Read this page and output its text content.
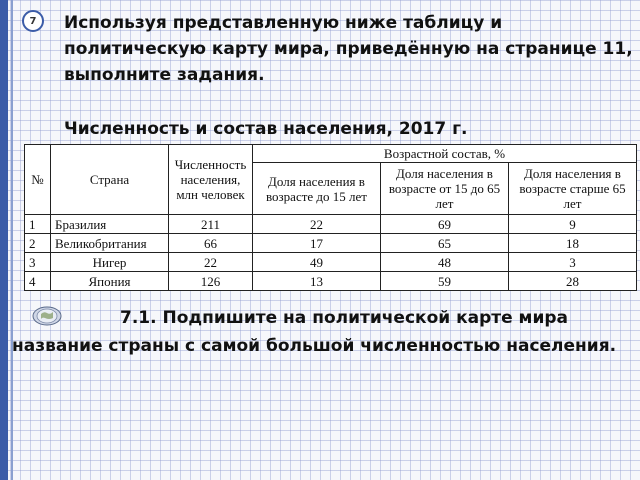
7	Используя представленную ниже таблицу и политическую карту мира, приведённую на странице 11, выполните задания.
Численность и состав населения, 2017 г.
№	Страна	Численность населения, млн человек	Возрастной состав, %		
			Доля населения в возрасте до 15 лет	Доля населения в возрасте от 15 до 65 лет	Доля населения в возрасте старше 65 лет
1	Бразилия	211	22	69	9
2	Великобритания	66	17	65	18
3	Нигер	22	49	48	3
4	Япония	126	13	59	28
7.1. Подпишите на политической карте мира название страны с самой большой численностью населения.
